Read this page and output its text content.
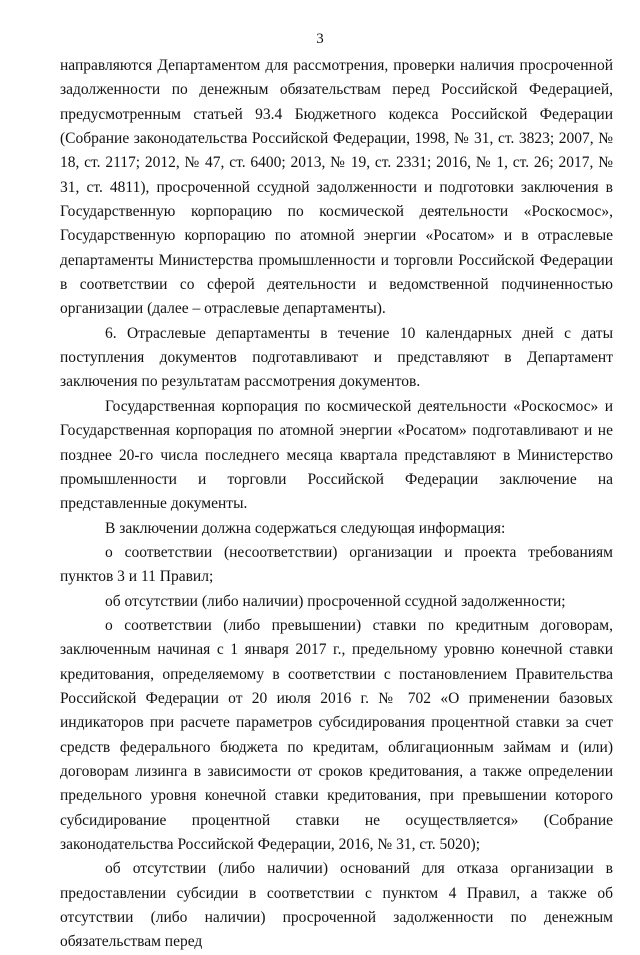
3

направляются Департаментом для рассмотрения, проверки наличия просроченной задолженности по денежным обязательствам перед Российской Федерацией, предусмотренным статьей 93.4 Бюджетного кодекса Российской Федерации (Собрание законодательства Российской Федерации, 1998, № 31, ст. 3823; 2007, № 18, ст. 2117; 2012, № 47, ст. 6400; 2013, № 19, ст. 2331; 2016, № 1, ст. 26; 2017, № 31, ст. 4811), просроченной ссудной задолженности и подготовки заключения в Государственную корпорацию по космической деятельности «Роскосмос», Государственную корпорацию по атомной энергии «Росатом» и в отраслевые департаменты Министерства промышленности и торговли Российской Федерации в соответствии со сферой деятельности и ведомственной подчиненностью организации (далее – отраслевые департаменты).

6. Отраслевые департаменты в течение 10 календарных дней с даты поступления документов подготавливают и представляют в Департамент заключения по результатам рассмотрения документов.

Государственная корпорация по космической деятельности «Роскосмос» и Государственная корпорация по атомной энергии «Росатом» подготавливают и не позднее 20-го числа последнего месяца квартала представляют в Министерство промышленности и торговли Российской Федерации заключение на представленные документы.

В заключении должна содержаться следующая информация:

о соответствии (несоответствии) организации и проекта требованиям пунктов 3 и 11 Правил;

об отсутствии (либо наличии) просроченной ссудной задолженности;

о соответствии (либо превышении) ставки по кредитным договорам, заключенным начиная с 1 января 2017 г., предельному уровню конечной ставки кредитования, определяемому в соответствии с постановлением Правительства Российской Федерации от 20 июля 2016 г. № 702 «О применении базовых индикаторов при расчете параметров субсидирования процентной ставки за счет средств федерального бюджета по кредитам, облигационным займам и (или) договорам лизинга в зависимости от сроков кредитования, а также определении предельного уровня конечной ставки кредитования, при превышении которого субсидирование процентной ставки не осуществляется» (Собрание законодательства Российской Федерации, 2016, № 31, ст. 5020);

об отсутствии (либо наличии) оснований для отказа организации в предоставлении субсидии в соответствии с пунктом 4 Правил, а также об отсутствии (либо наличии) просроченной задолженности по денежным обязательствам перед
